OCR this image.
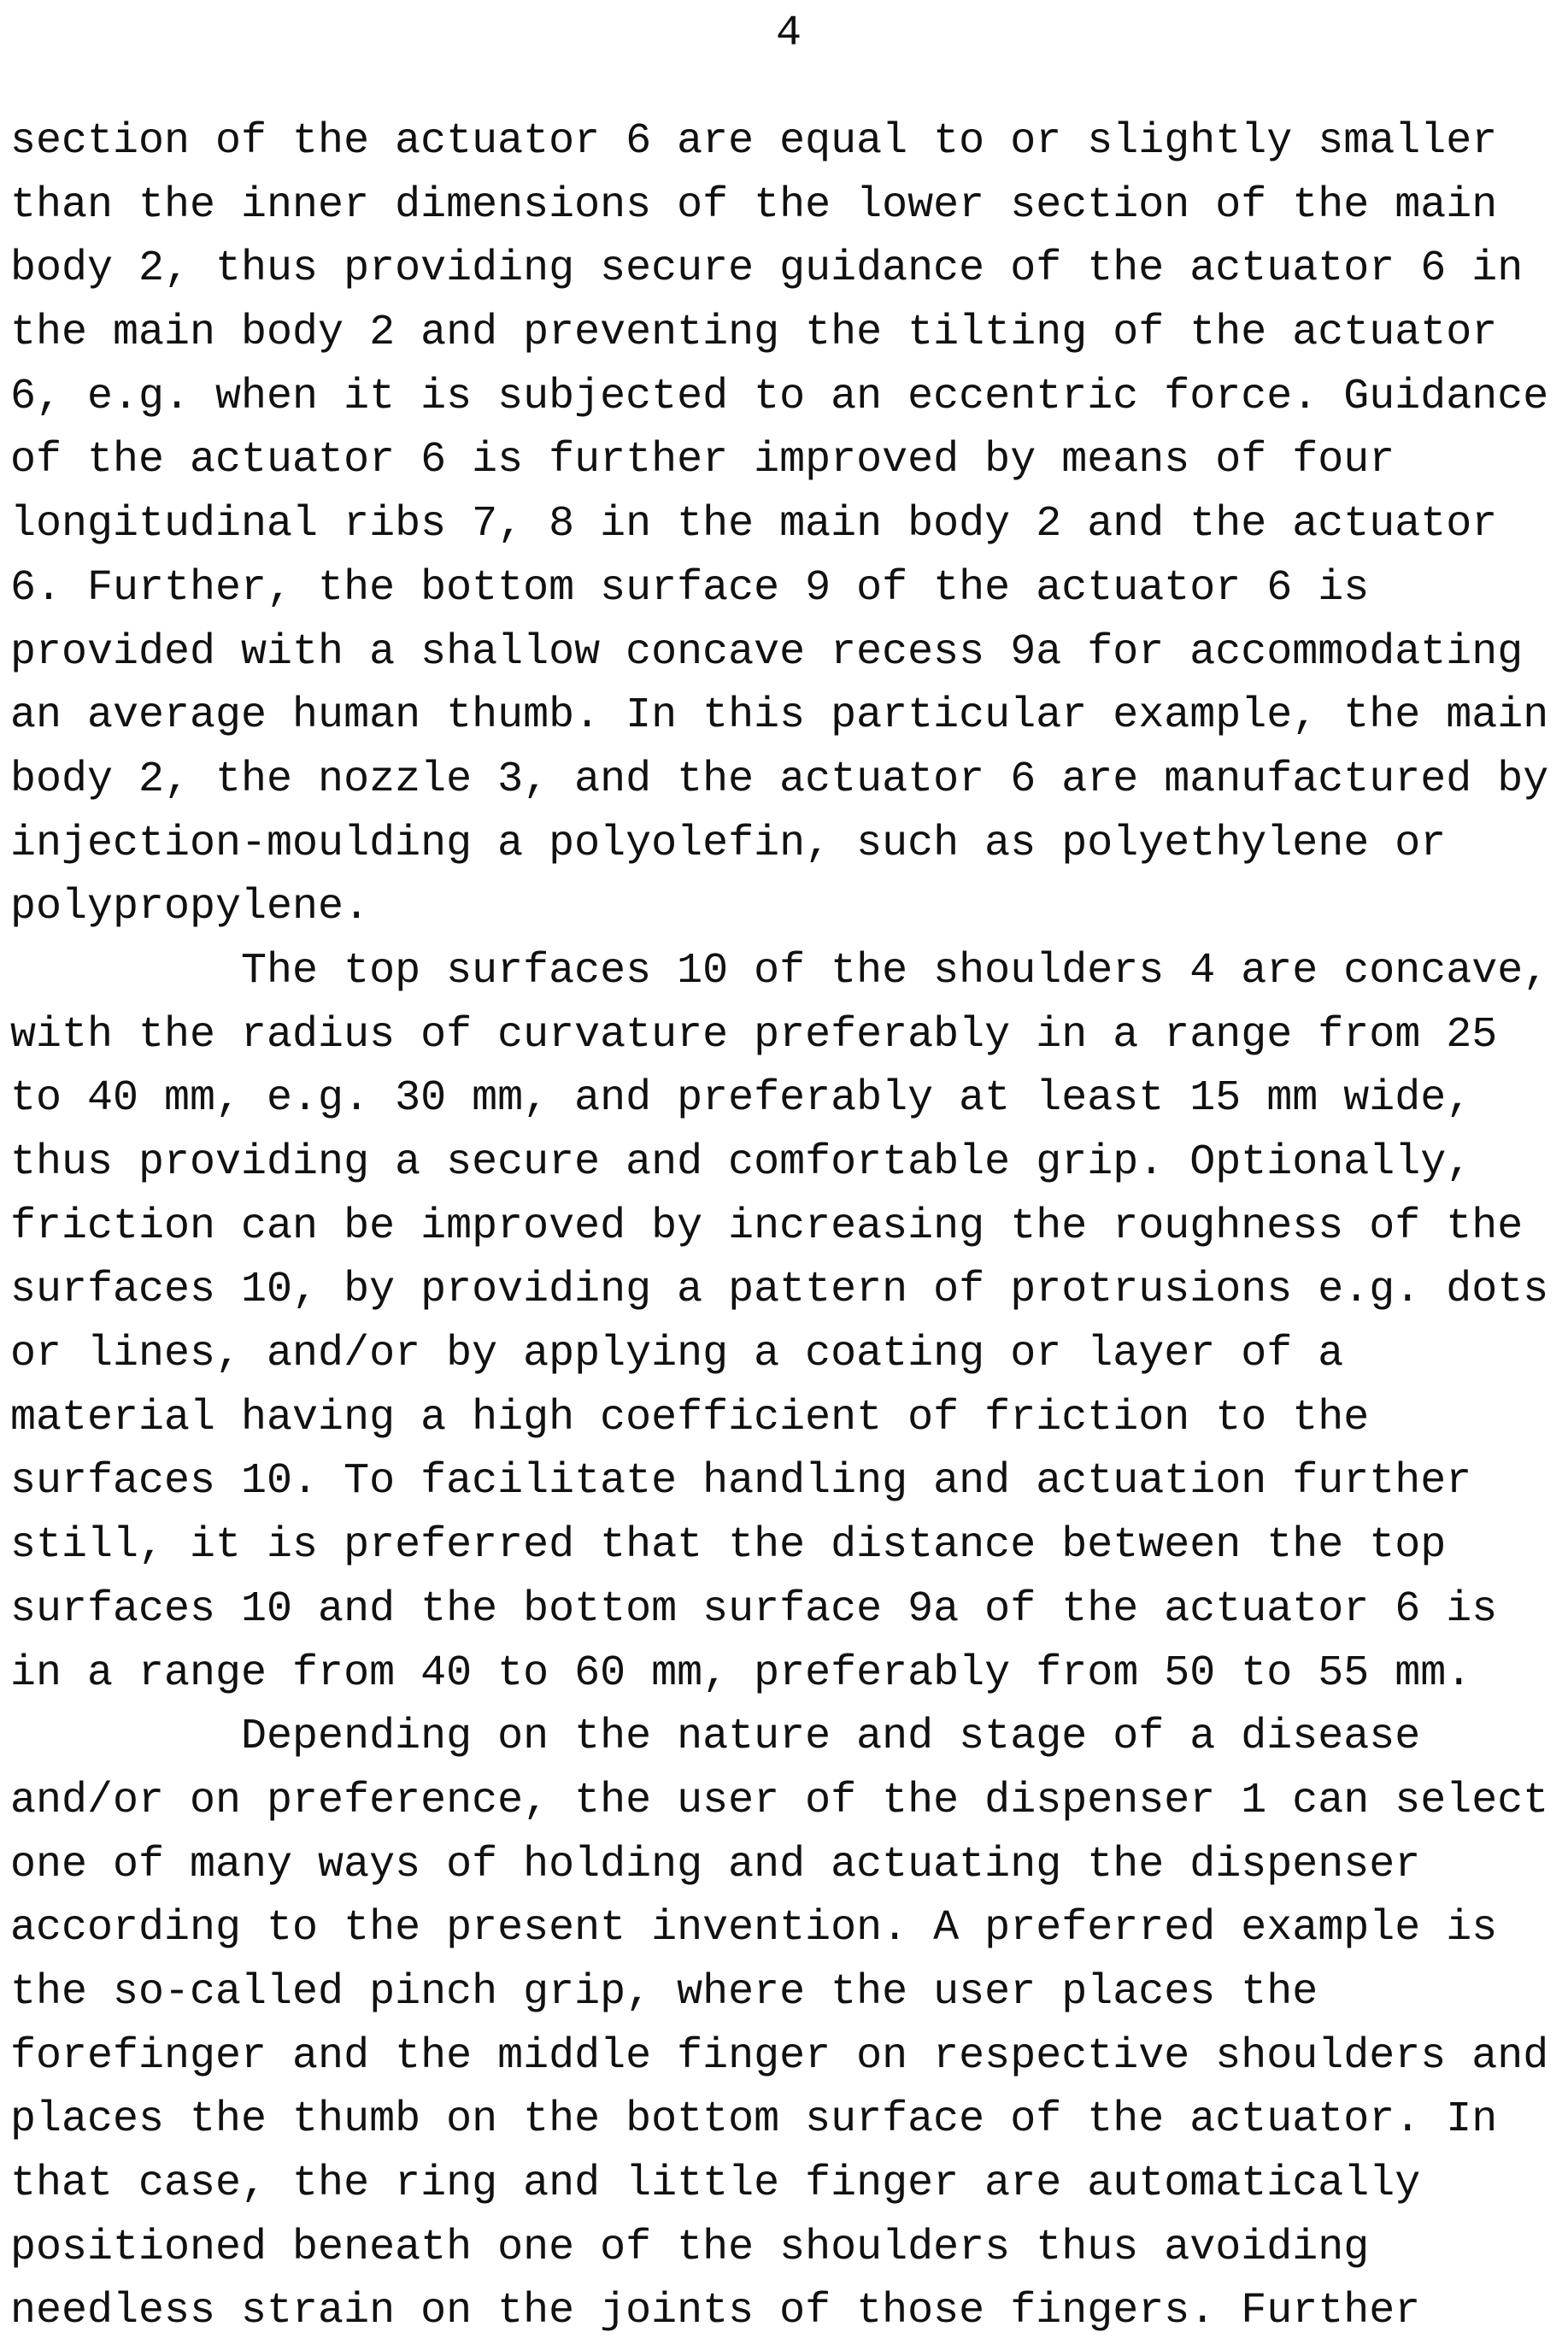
4
section of the actuator 6 are equal to or slightly smaller
than the inner dimensions of the lower section of the main
body 2, thus providing secure guidance of the actuator 6 in
the main body 2 and preventing the tilting of the actuator
6, e.g. when it is subjected to an eccentric force. Guidance
of the actuator 6 is further improved by means of four
longitudinal ribs 7, 8 in the main body 2 and the actuator
6. Further, the bottom surface 9 of the actuator 6 is
provided with a shallow concave recess 9a for accommodating
an average human thumb. In this particular example, the main
body 2, the nozzle 3, and the actuator 6 are manufactured by
injection-moulding a polyolefin, such as polyethylene or
polypropylene.
The top surfaces 10 of the shoulders 4 are concave,
with the radius of curvature preferably in a range from 25
to 40 mm, e.g. 30 mm, and preferably at least 15 mm wide,
thus providing a secure and comfortable grip. Optionally,
friction can be improved by increasing the roughness of the
surfaces 10, by providing a pattern of protrusions e.g. dots
or lines, and/or by applying a coating or layer of a
material having a high coefficient of friction to the
surfaces 10. To facilitate handling and actuation further
still, it is preferred that the distance between the top
surfaces 10 and the bottom surface 9a of the actuator 6 is
in a range from 40 to 60 mm, preferably from 50 to 55 mm.
Depending on the nature and stage of a disease
and/or on preference, the user of the dispenser 1 can select
one of many ways of holding and actuating the dispenser
according to the present invention. A preferred example is
the so-called pinch grip, where the user places the
forefinger and the middle finger on respective shoulders and
places the thumb on the bottom surface of the actuator. In
that case, the ring and little finger are automatically
positioned beneath one of the shoulders thus avoiding
needless strain on the joints of those fingers. Further
